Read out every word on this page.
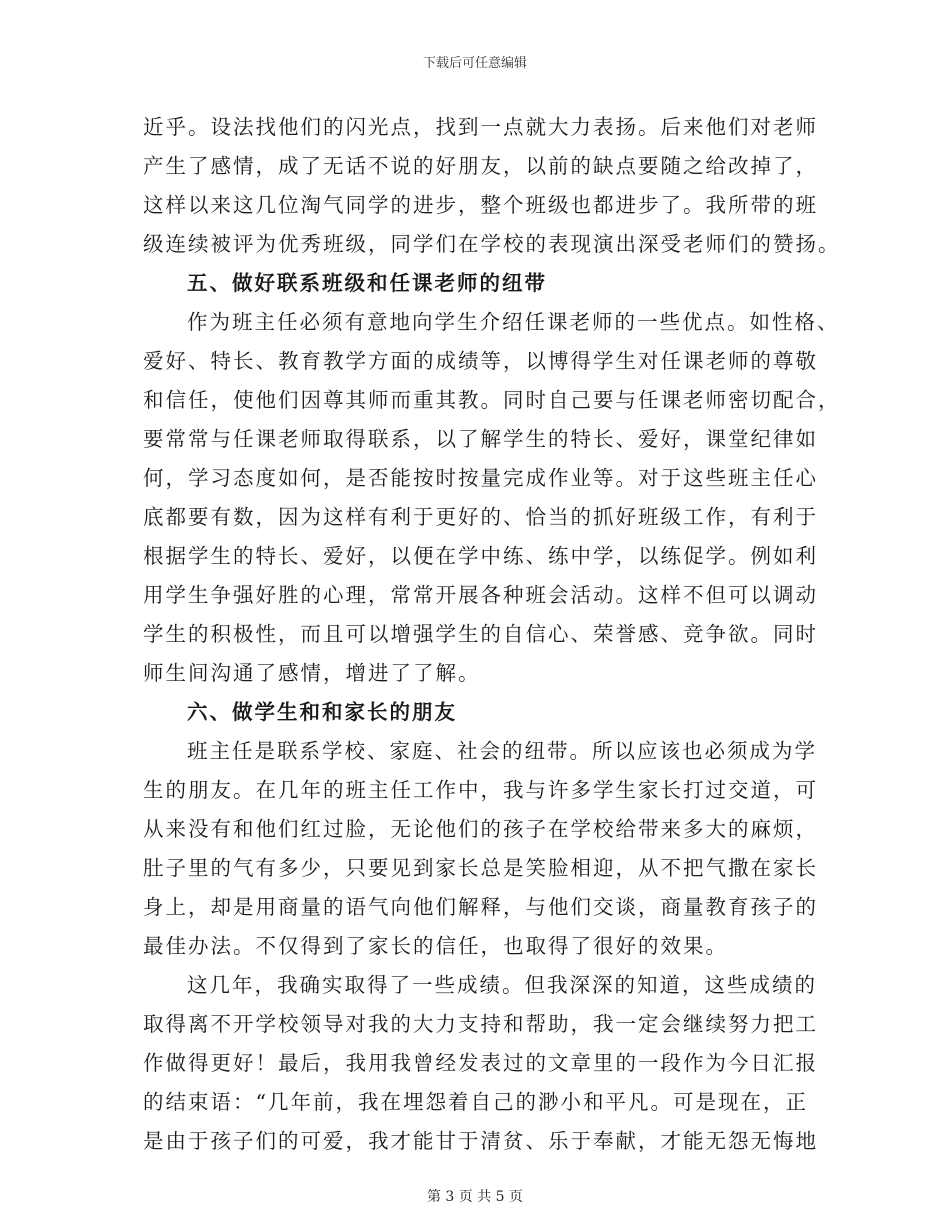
下载后可任意编辑
近乎。设法找他们的闪光点，找到一点就大力表扬。后来他们对老师
产生了感情，成了无话不说的好朋友，以前的缺点要随之给改掉了，
这样以来这几位淘气同学的进步，整个班级也都进步了。我所带的班
级连续被评为优秀班级，同学们在学校的表现演出深受老师们的赞扬。
五、做好联系班级和任课老师的纽带
作为班主任必须有意地向学生介绍任课老师的一些优点。如性格、
爱好、特长、教育教学方面的成绩等，以博得学生对任课老师的尊敬
和信任，使他们因尊其师而重其教。同时自己要与任课老师密切配合，
要常常与任课老师取得联系，以了解学生的特长、爱好，课堂纪律如
何，学习态度如何，是否能按时按量完成作业等。对于这些班主任心
底都要有数，因为这样有利于更好的、恰当的抓好班级工作，有利于
根据学生的特长、爱好，以便在学中练、练中学，以练促学。例如利
用学生争强好胜的心理，常常开展各种班会活动。这样不但可以调动
学生的积极性，而且可以增强学生的自信心、荣誉感、竞争欲。同时
师生间沟通了感情，增进了了解。
六、做学生和和家长的朋友
班主任是联系学校、家庭、社会的纽带。所以应该也必须成为学
生的朋友。在几年的班主任工作中，我与许多学生家长打过交道，可
从来没有和他们红过脸，无论他们的孩子在学校给带来多大的麻烦，
肚子里的气有多少，只要见到家长总是笑脸相迎，从不把气撒在家长
身上，却是用商量的语气向他们解释，与他们交谈，商量教育孩子的
最佳办法。不仅得到了家长的信任，也取得了很好的效果。
这几年，我确实取得了一些成绩。但我深深的知道，这些成绩的
取得离不开学校领导对我的大力支持和帮助，我一定会继续努力把工
作做得更好！最后，我用我曾经发表过的文章里的一段作为今日汇报
的结束语：“几年前，我在埋怨着自己的渺小和平凡。可是现在，正
是由于孩子们的可爱，我才能甘于清贫、乐于奉献，才能无怨无悔地
第 3 页 共 5 页
